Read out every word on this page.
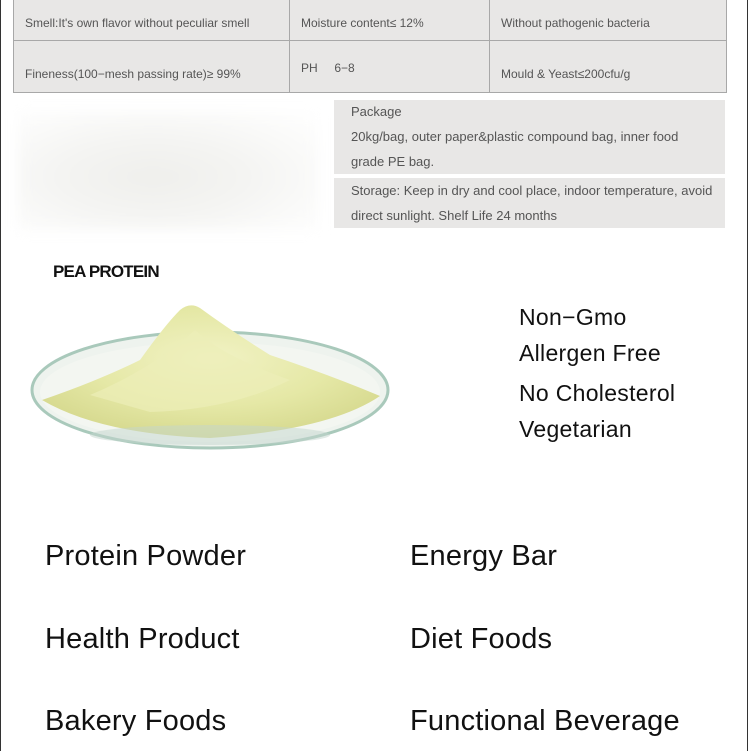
Smell:It's own flavor without peculiar smell	Moisture content≤ 12%	Without pathogenic bacteria
Fineness(100−mesh passing rate)≥ 99%	PH     6−8	Mould & Yeast≤200cfu/g
Package
20kg/bag, outer paper&plastic compound bag, inner food grade PE bag.
Storage: Keep in dry and cool place, indoor temperature, avoid direct sunlight. Shelf Life 24 months
PEA PROTEIN
Non−Gmo
Allergen Free
No Cholesterol
Vegetarian
Protein Powder	Energy Bar
Health Product	Diet Foods
Bakery Foods	Functional Beverage
